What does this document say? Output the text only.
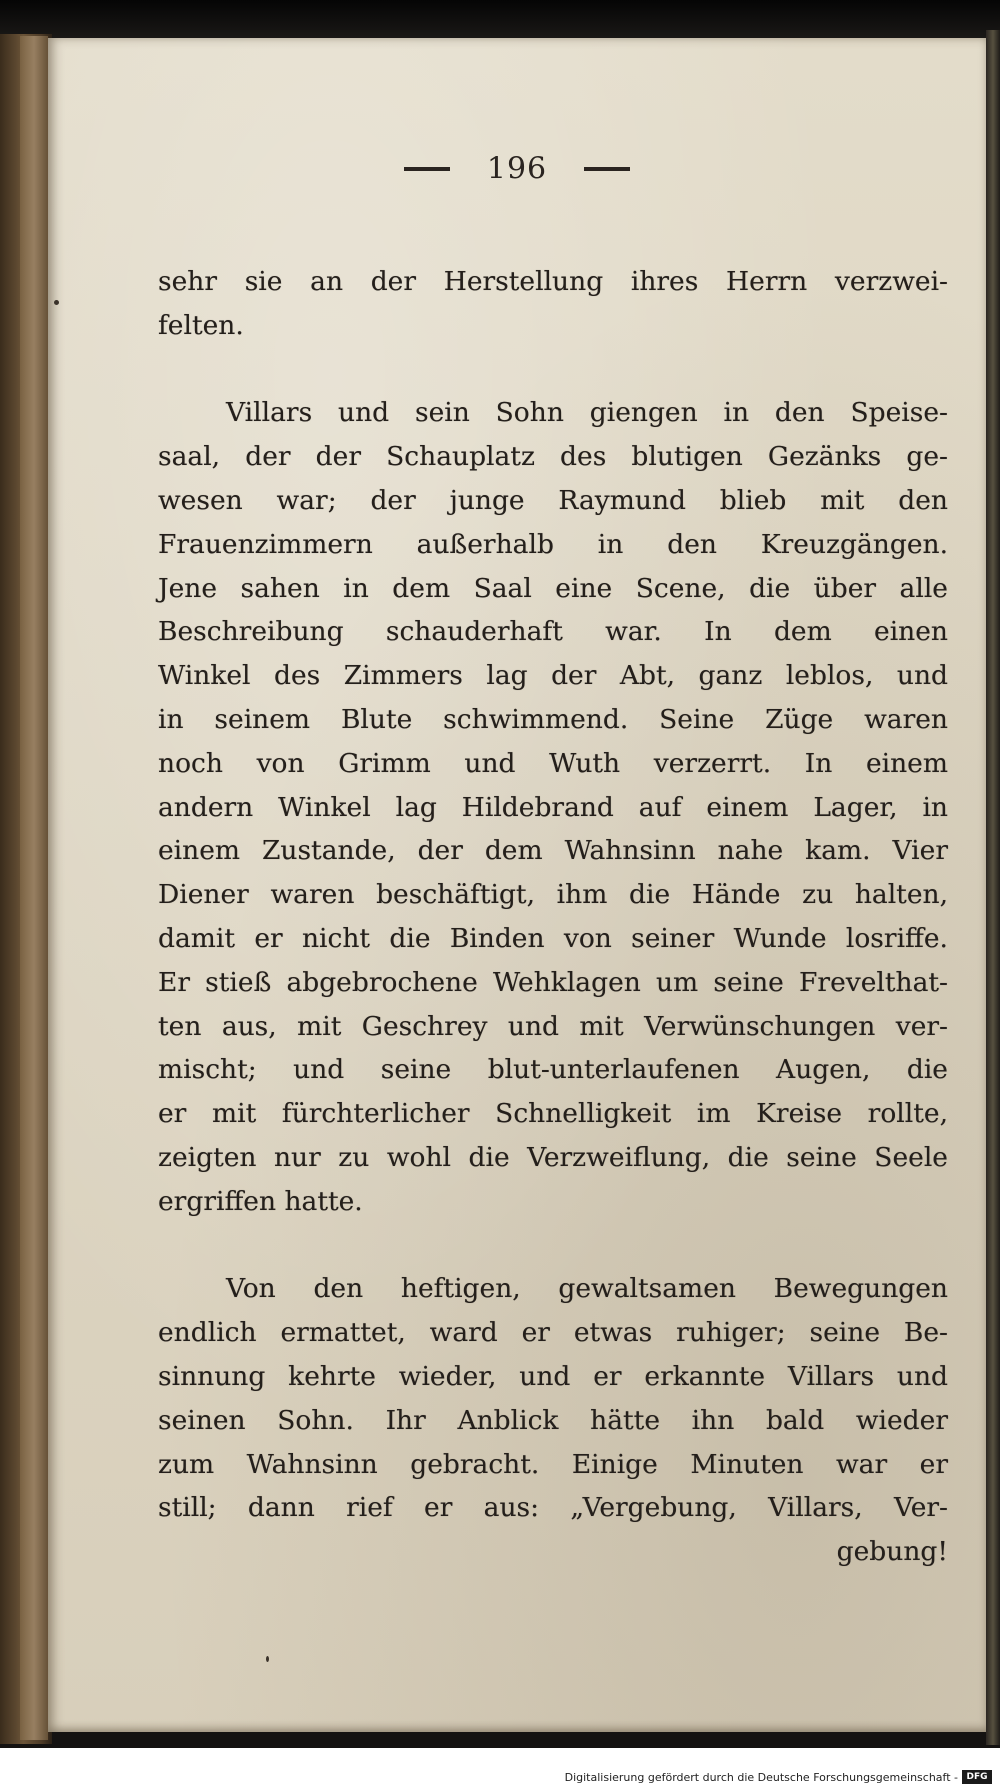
196
sehr sie an der Herstellung ihres Herrn verzwei-
felten.
Villars und sein Sohn giengen in den Speise-
saal, der der Schauplatz des blutigen Gezänks ge-
wesen war; der junge Raymund blieb mit den
Frauenzimmern außerhalb in den Kreuzgängen.
Jene sahen in dem Saal eine Scene, die über alle
Beschreibung schauderhaft war. In dem einen
Winkel des Zimmers lag der Abt, ganz leblos, und
in seinem Blute schwimmend. Seine Züge waren
noch von Grimm und Wuth verzerrt. In einem
andern Winkel lag Hildebrand auf einem Lager, in
einem Zustande, der dem Wahnsinn nahe kam. Vier
Diener waren beschäftigt, ihm die Hände zu halten,
damit er nicht die Binden von seiner Wunde losriffe.
Er stieß abgebrochene Wehklagen um seine Frevelthat-
ten aus, mit Geschrey und mit Verwünschungen ver-
mischt; und seine blut-unterlaufenen Augen, die
er mit fürchterlicher Schnelligkeit im Kreise rollte,
zeigten nur zu wohl die Verzweiflung, die seine Seele
ergriffen hatte.
Von den heftigen, gewaltsamen Bewegungen
endlich ermattet, ward er etwas ruhiger; seine Be-
sinnung kehrte wieder, und er erkannte Villars und
seinen Sohn. Ihr Anblick hätte ihn bald wieder
zum Wahnsinn gebracht. Einige Minuten war er
still; dann rief er aus: „Vergebung, Villars, Ver-
gebung!
Digitalisierung gefördert durch die Deutsche Forschungsgemeinschaft - DFG
